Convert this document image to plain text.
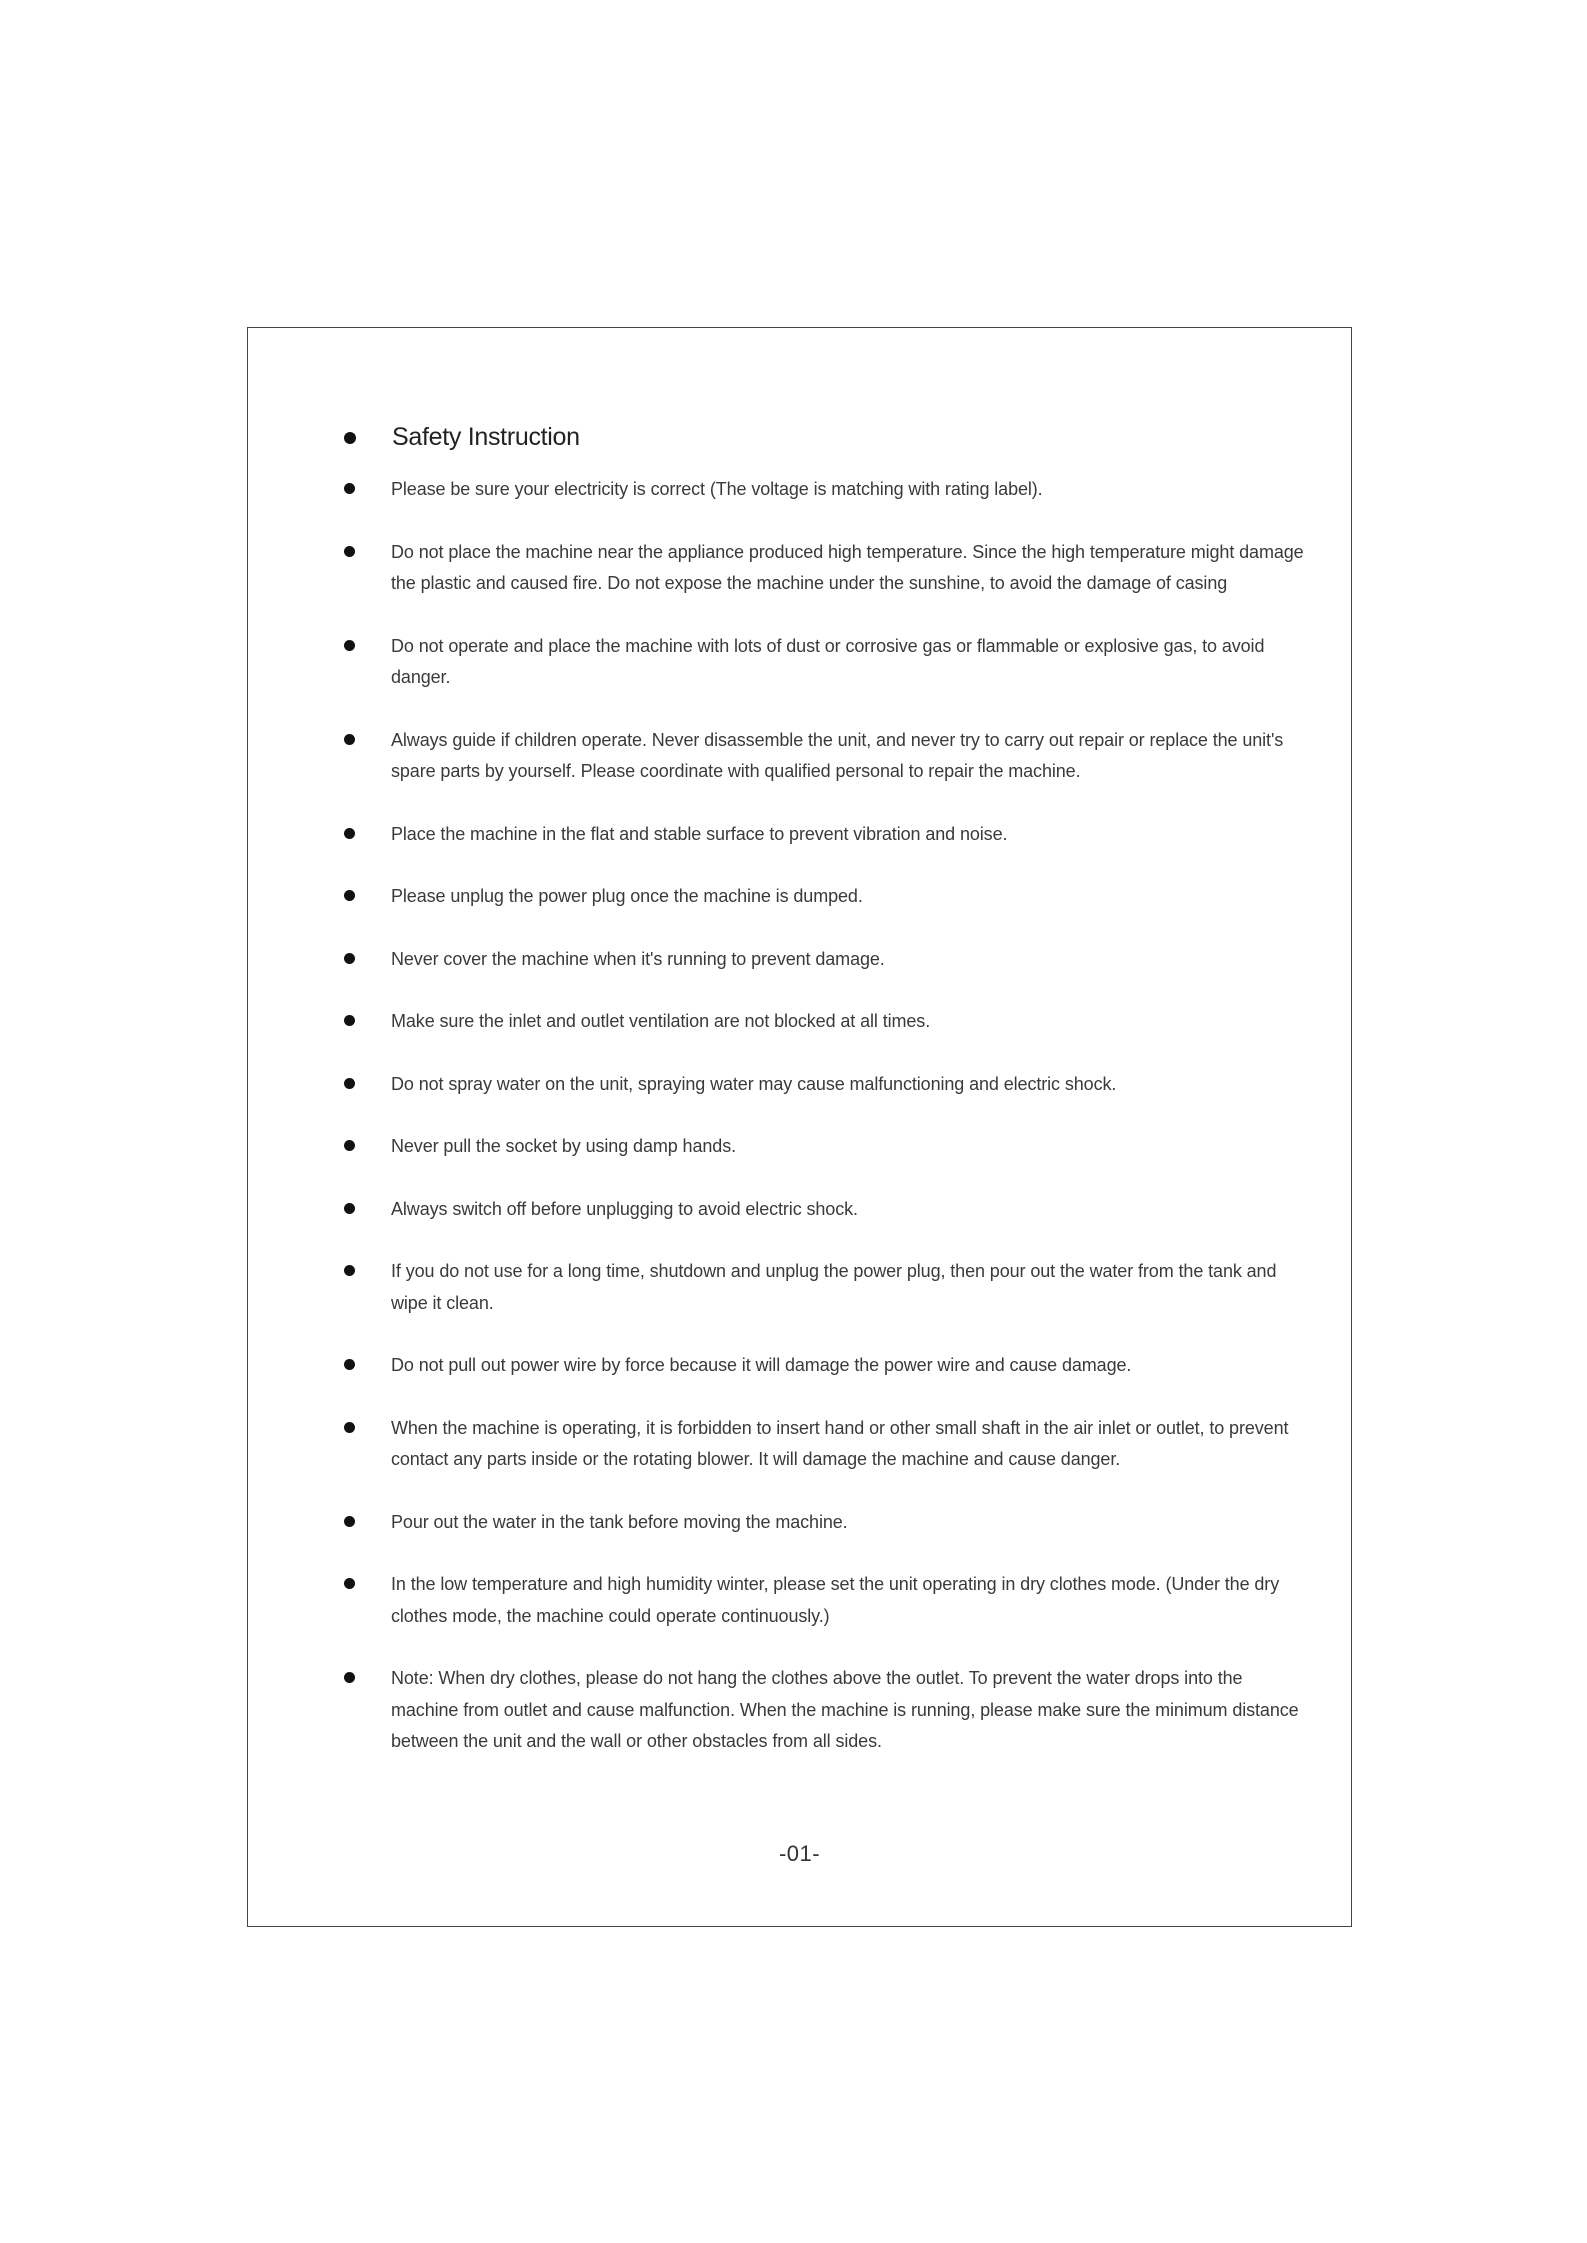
Safety Instruction
Please be sure your electricity is correct (The voltage is matching with rating label).
Do not place the machine near the appliance produced high temperature. Since the high temperature might damage the plastic and caused fire. Do not expose the machine under the sunshine, to avoid the damage of casing
Do not operate and place the machine with lots of dust or corrosive gas or flammable or explosive gas, to avoid danger.
Always guide if children operate. Never disassemble the unit, and never try to carry out repair or replace the unit's spare parts by yourself. Please coordinate with qualified personal to repair the machine.
Place the machine in the flat and stable surface to prevent vibration and noise.
Please unplug the power plug once the machine is dumped.
Never cover the machine when it's running to prevent damage.
Make sure the inlet and outlet ventilation are not blocked at all times.
Do not spray water on the unit, spraying water may cause malfunctioning and electric shock.
Never pull the socket by using damp hands.
Always switch off before unplugging to avoid electric shock.
If you do not use for a long time, shutdown and unplug the power plug, then pour out the water from the tank and wipe it clean.
Do not pull out power wire by force because it will damage the power wire and cause damage.
When the machine is operating, it is forbidden to insert hand or other small shaft in the air inlet or outlet, to prevent contact any parts inside or the rotating blower. It will damage the machine and cause danger.
Pour out the water in the tank before moving the machine.
In the low temperature and high humidity winter, please set the unit operating in dry clothes mode. (Under the dry clothes mode, the machine could operate continuously.)
Note: When dry clothes, please do not hang the clothes above the outlet. To prevent the water drops into the machine from outlet and cause malfunction. When the machine is running, please make sure the minimum distance between the unit and the wall or other obstacles from all sides.
-01-
